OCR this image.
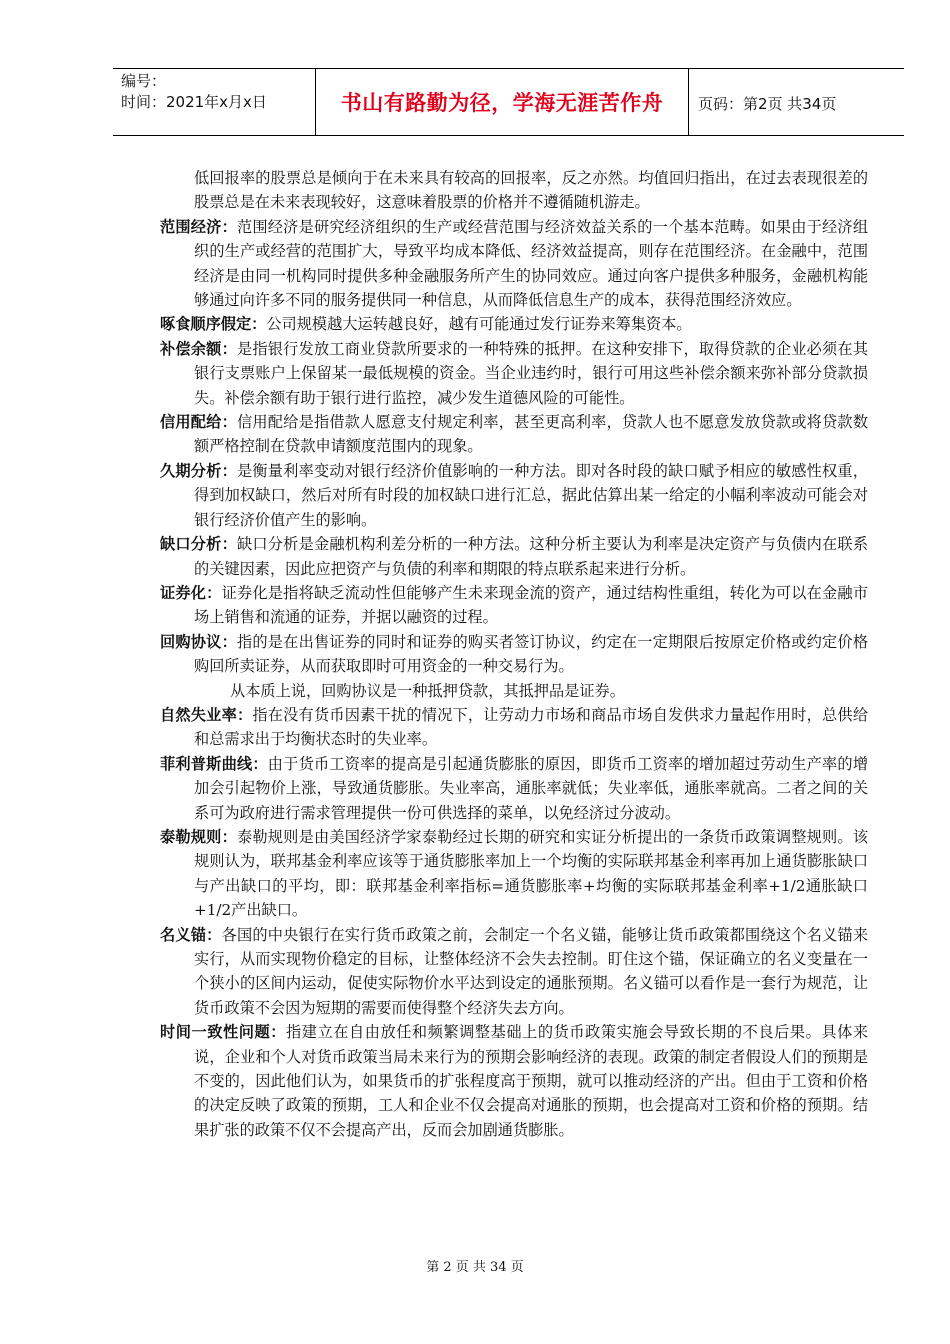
编号：
时间：2021年x月x日	书山有路勤为径，学海无涯苦作舟	页码：第2页 共34页

低回报率的股票总是倾向于在未来具有较高的回报率，反之亦然。均值回归指出，在过去表现很差的股票总是在未来表现较好，这意味着股票的价格并不遵循随机游走。

范围经济：范围经济是研究经济组织的生产或经营范围与经济效益关系的一个基本范畴。如果由于经济组织的生产或经营的范围扩大，导致平均成本降低、经济效益提高，则存在范围经济。在金融中，范围经济是由同一机构同时提供多种金融服务所产生的协同效应。通过向客户提供多种服务，金融机构能够通过向许多不同的服务提供同一种信息，从而降低信息生产的成本，获得范围经济效应。

啄食顺序假定：公司规模越大运转越良好，越有可能通过发行证券来筹集资本。

补偿余额：是指银行发放工商业贷款所要求的一种特殊的抵押。在这种安排下，取得贷款的企业必须在其银行支票账户上保留某一最低规模的资金。当企业违约时，银行可用这些补偿余额来弥补部分贷款损失。补偿余额有助于银行进行监控，减少发生道德风险的可能性。

信用配给：信用配给是指借款人愿意支付规定利率，甚至更高利率，贷款人也不愿意发放贷款或将贷款数额严格控制在贷款申请额度范围内的现象。

久期分析：是衡量利率变动对银行经济价值影响的一种方法。即对各时段的缺口赋予相应的敏感性权重，得到加权缺口，然后对所有时段的加权缺口进行汇总，据此估算出某一给定的小幅利率波动可能会对银行经济价值产生的影响。

缺口分析：缺口分析是金融机构利差分析的一种方法。这种分析主要认为利率是决定资产与负债内在联系的关键因素，因此应把资产与负债的利率和期限的特点联系起来进行分析。

证券化：证券化是指将缺乏流动性但能够产生未来现金流的资产，通过结构性重组，转化为可以在金融市场上销售和流通的证券，并据以融资的过程。

回购协议：指的是在出售证券的同时和证券的购买者签订协议，约定在一定期限后按原定价格或约定价格购回所卖证券，从而获取即时可用资金的一种交易行为。

从本质上说，回购协议是一种抵押贷款，其抵押品是证券。

自然失业率：指在没有货币因素干扰的情况下，让劳动力市场和商品市场自发供求力量起作用时，总供给和总需求出于均衡状态时的失业率。

菲利普斯曲线：由于货币工资率的提高是引起通货膨胀的原因，即货币工资率的增加超过劳动生产率的增加会引起物价上涨，导致通货膨胀。失业率高，通胀率就低；失业率低，通胀率就高。二者之间的关系可为政府进行需求管理提供一份可供选择的菜单，以免经济过分波动。

泰勒规则：泰勒规则是由美国经济学家泰勒经过长期的研究和实证分析提出的一条货币政策调整规则。该规则认为，联邦基金利率应该等于通货膨胀率加上一个均衡的实际联邦基金利率再加上通货膨胀缺口与产出缺口的平均，即：联邦基金利率指标=通货膨胀率+均衡的实际联邦基金利率+1/2通胀缺口+1/2产出缺口。

名义锚：各国的中央银行在实行货币政策之前，会制定一个名义锚，能够让货币政策都围绕这个名义锚来实行，从而实现物价稳定的目标，让整体经济不会失去控制。盯住这个锚，保证确立的名义变量在一个狭小的区间内运动，促使实际物价水平达到设定的通胀预期。名义锚可以看作是一套行为规范，让货币政策不会因为短期的需要而使得整个经济失去方向。

时间一致性问题：指建立在自由放任和频繁调整基础上的货币政策实施会导致长期的不良后果。具体来说，企业和个人对货币政策当局未来行为的预期会影响经济的表现。政策的制定者假设人们的预期是不变的，因此他们认为，如果货币的扩张程度高于预期，就可以推动经济的产出。但由于工资和价格的决定反映了政策的预期，工人和企业不仅会提高对通胀的预期，也会提高对工资和价格的预期。结果扩张的政策不仅不会提高产出，反而会加剧通货膨胀。

第 2 页 共 34 页
